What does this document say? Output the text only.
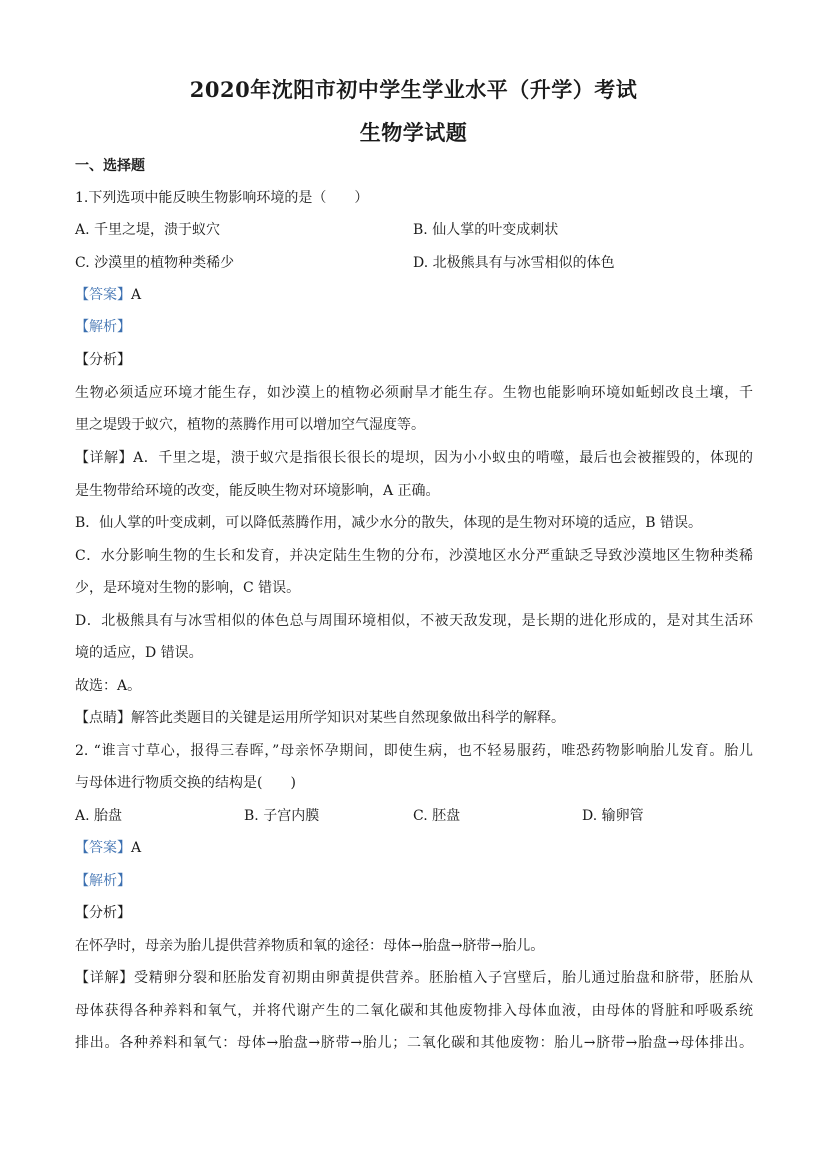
2020年沈阳市初中学生学业水平（升学）考试
生物学试题
一、选择题
1.下列选项中能反映生物影响环境的是（　　）
A. 千里之堤，溃于蚁穴	B. 仙人掌的叶变成刺状
C. 沙漠里的植物种类稀少	D. 北极熊具有与冰雪相似的体色
【答案】A
【解析】
【分析】
生物必须适应环境才能生存，如沙漠上的植物必须耐旱才能生存。生物也能影响环境如蚯蚓改良土壤，千
里之堤毁于蚁穴，植物的蒸腾作用可以增加空气湿度等。
【详解】A．千里之堤，溃于蚁穴是指很长很长的堤坝，因为小小蚁虫的啃噬，最后也会被摧毁的，体现的
是生物带给环境的改变，能反映生物对环境影响，A 正确。
B．仙人掌的叶变成刺，可以降低蒸腾作用，减少水分的散失，体现的是生物对环境的适应，B 错误。
C．水分影响生物的生长和发育，并决定陆生生物的分布，沙漠地区水分严重缺乏导致沙漠地区生物种类稀
少，是环境对生物的影响，C 错误。
D．北极熊具有与冰雪相似的体色总与周围环境相似，不被天敌发现，是长期的进化形成的，是对其生活环
境的适应，D 错误。
故选：A。
【点睛】解答此类题目的关键是运用所学知识对某些自然现象做出科学的解释。
2. “谁言寸草心，报得三春晖，”母亲怀孕期间，即使生病，也不轻易服药，唯恐药物影响胎儿发育。胎儿
与母体进行物质交换的结构是(　　)
A. 胎盘	B. 子宫内膜	C. 胚盘	D. 输卵管
【答案】A
【解析】
【分析】
在怀孕时，母亲为胎儿提供营养物质和氧的途径：母体→胎盘→脐带→胎儿。
【详解】受精卵分裂和胚胎发育初期由卵黄提供营养。胚胎植入子宫壁后，胎儿通过胎盘和脐带，胚胎从
母体获得各种养料和氧气，并将代谢产生的二氧化碳和其他废物排入母体血液，由母体的肾脏和呼吸系统
排出。各种养料和氧气：母体→胎盘→脐带→胎儿；二氧化碳和其他废物：胎儿→脐带→胎盘→母体排出。
